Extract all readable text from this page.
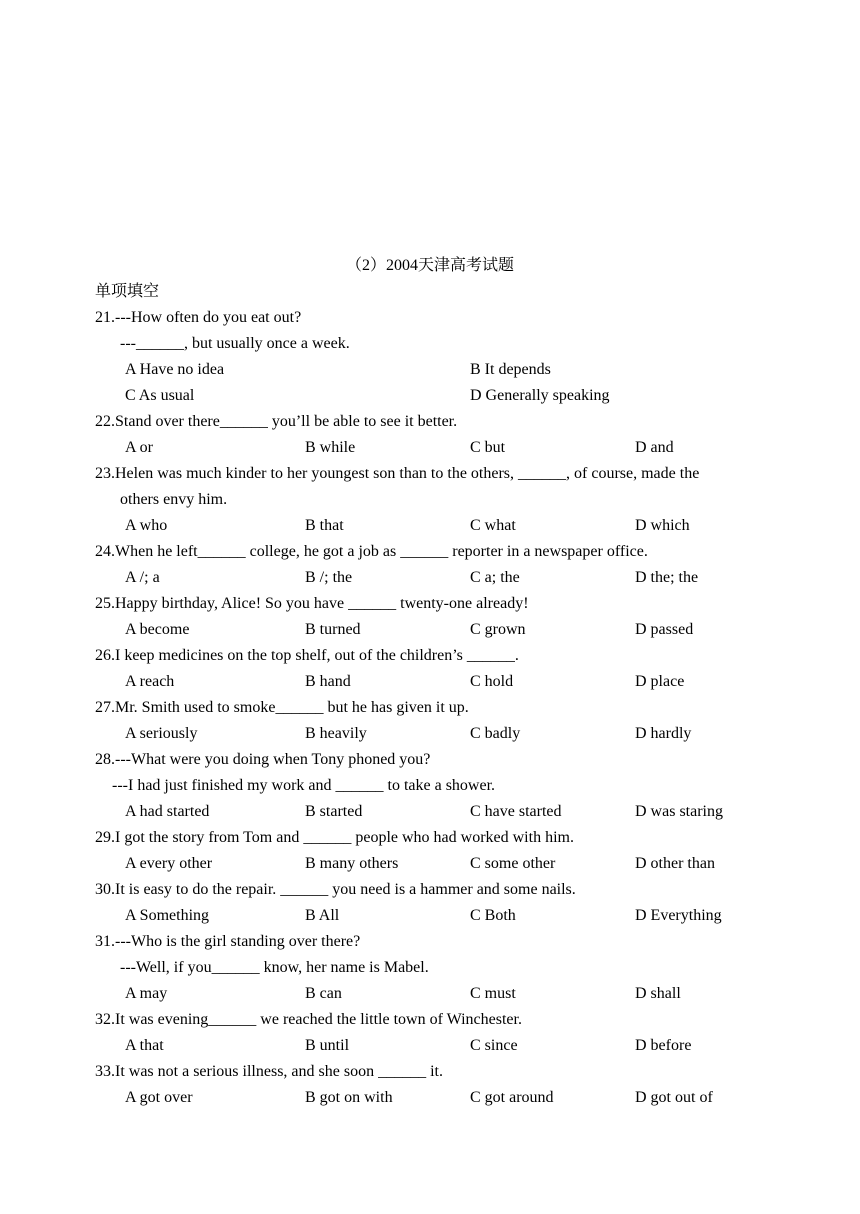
（2）2004天津高考试题
单项填空
21.---How often do you eat out?
---______, but usually once a week.
A Have no idea	B It depends
C As usual	D Generally speaking
22.Stand over there______ you’ll be able to see it better.
A or	B while	C but	D and
23.Helen was much kinder to her youngest son than to the others, ______, of course, made the
others envy him.
A who	B that	C what	D which
24.When he left______ college, he got a job as ______ reporter in a newspaper office.
A /; a	B /; the	C a; the	D the; the
25.Happy birthday, Alice! So you have ______ twenty-one already!
A become	B turned	C grown	D passed
26.I keep medicines on the top shelf, out of the children’s ______.
A reach	B hand	C hold	D place
27.Mr. Smith used to smoke______ but he has given it up.
A seriously	B heavily	C badly	D hardly
28.---What were you doing when Tony phoned you?
---I had just finished my work and ______ to take a shower.
A had started	B started	C have started	D was staring
29.I got the story from Tom and ______ people who had worked with him.
A every other	B many others	C some other	D other than
30.It is easy to do the repair. ______ you need is a hammer and some nails.
A Something	B All	C Both	D Everything
31.---Who is the girl standing over there?
---Well, if you______ know, her name is Mabel.
A may	B can	C must	D shall
32.It was evening______ we reached the little town of Winchester.
A that	B until	C since	D before
33.It was not a serious illness, and she soon ______ it.
A got over	B got on with	C got around	D got out of
